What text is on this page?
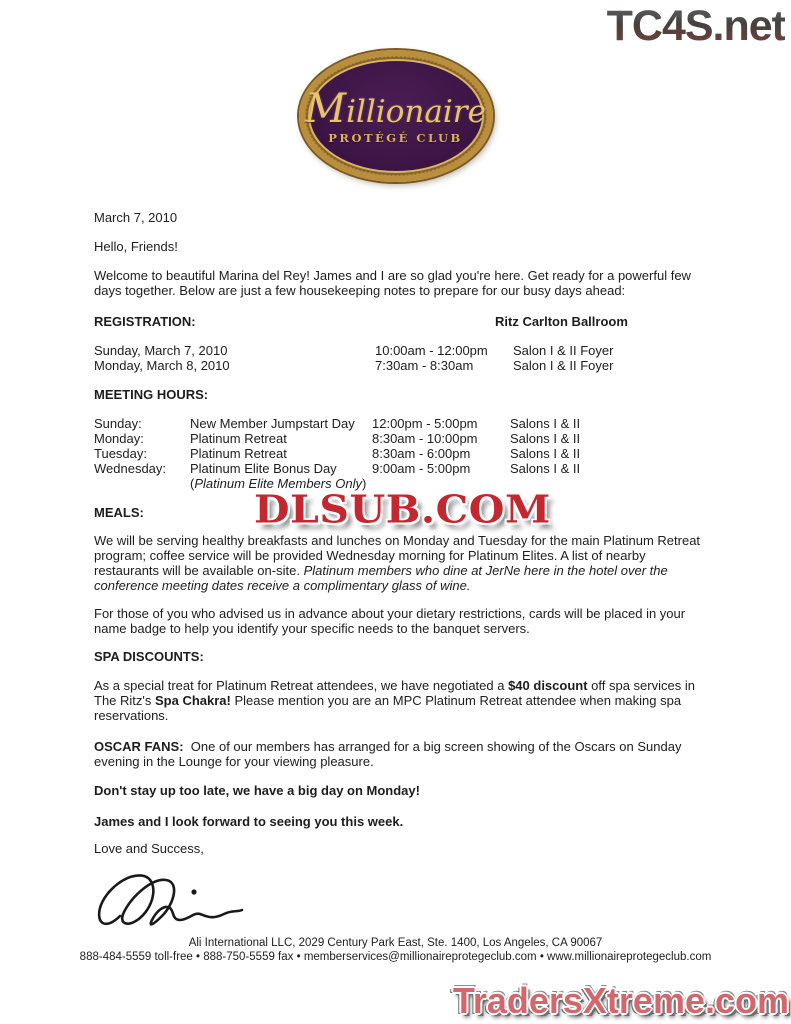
TC4S.net
Millionaire
PROTÉGÉ CLUB

March 7, 2010

Hello, Friends!

Welcome to beautiful Marina del Rey! James and I are so glad you're here. Get ready for a powerful few days together. Below are just a few housekeeping notes to prepare for our busy days ahead:

REGISTRATION:	Ritz Carlton Ballroom
Sunday, March 7, 2010	10:00am - 12:00pm	Salon I & II Foyer
Monday, March 8, 2010	7:30am - 8:30am	Salon I & II Foyer

MEETING HOURS:

Sunday:	New Member Jumpstart Day	12:00pm - 5:00pm	Salons I & II
Monday:	Platinum Retreat	8:30am - 10:00pm	Salons I & II
Tuesday:	Platinum Retreat	8:30am - 6:00pm	Salons I & II
Wednesday:	Platinum Elite Bonus Day	9:00am - 5:00pm	Salons I & II
(Platinum Elite Members Only)

MEALS:

We will be serving healthy breakfasts and lunches on Monday and Tuesday for the main Platinum Retreat program; coffee service will be provided Wednesday morning for Platinum Elites. A list of nearby restaurants will be available on-site. Platinum members who dine at JerNe here in the hotel over the conference meeting dates receive a complimentary glass of wine.

For those of you who advised us in advance about your dietary restrictions, cards will be placed in your name badge to help you identify your specific needs to the banquet servers.

SPA DISCOUNTS:

As a special treat for Platinum Retreat attendees, we have negotiated a $40 discount off spa services in The Ritz's Spa Chakra! Please mention you are an MPC Platinum Retreat attendee when making spa reservations.

OSCAR FANS:  One of our members has arranged for a big screen showing of the Oscars on Sunday evening in the Lounge for your viewing pleasure.

Don't stay up too late, we have a big day on Monday!

James and I look forward to seeing you this week.

Love and Success,

DLSUB.COM
Ali International LLC, 2029 Century Park East, Ste. 1400, Los Angeles, CA 90067
888-484-5559 toll-free • 888-750-5559 fax • memberservices@millionaireprotegeclub.com • www.millionaireprotegeclub.com
TradersXtreme.com
